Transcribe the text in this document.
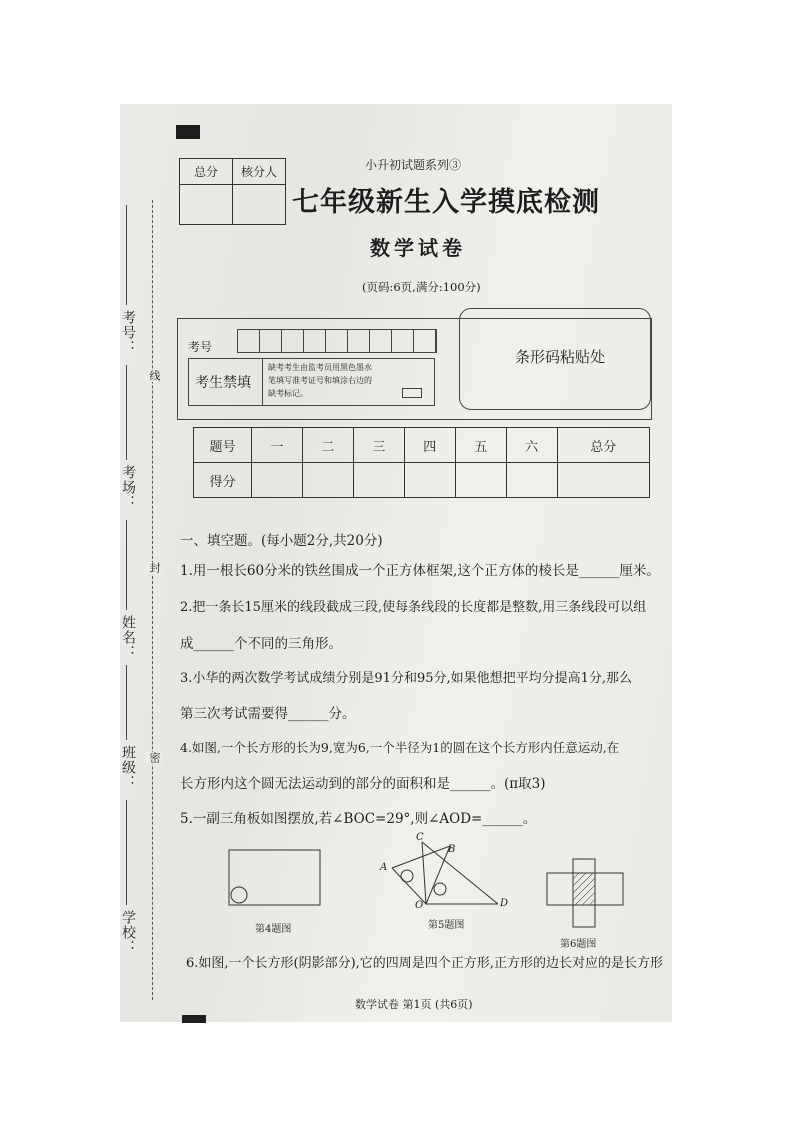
考号：
考场：
姓名：
班级：
学校：
线
封
密
总分	核分人
		小升初试题系列③
七年级新生入学摸底检测
数学试卷
(页码:6页,满分:100分)
考号
考生禁填
缺考考生由监考员用黑色墨水
笔填写准考证号和填涂右边的
缺考标记。
条形码粘贴处
题号	一	二	三	四	五	六	总分
得分							
一、填空题。(每小题2分,共20分)
1.用一根长60分米的铁丝围成一个正方体框架,这个正方体的棱长是______厘米。
2.把一条长15厘米的线段截成三段,使每条线段的长度都是整数,用三条线段可以组
成______个不同的三角形。
3.小华的两次数学考试成绩分别是91分和95分,如果他想把平均分提高1分,那么
第三次考试需要得______分。
4.如图,一个长方形的长为9,宽为6,一个半径为1的圆在这个长方形内任意运动,在
长方形内这个圆无法运动到的部分的面积和是______。(π取3)
5.一副三角板如图摆放,若∠BOC=29°,则∠AOD=______。
第4题图
A
B
C
D
O
第5题图
第6题图
6.如图,一个长方形(阴影部分),它的四周是四个正方形,正方形的边长对应的是长方形
数学试卷 第1页 (共6页)
